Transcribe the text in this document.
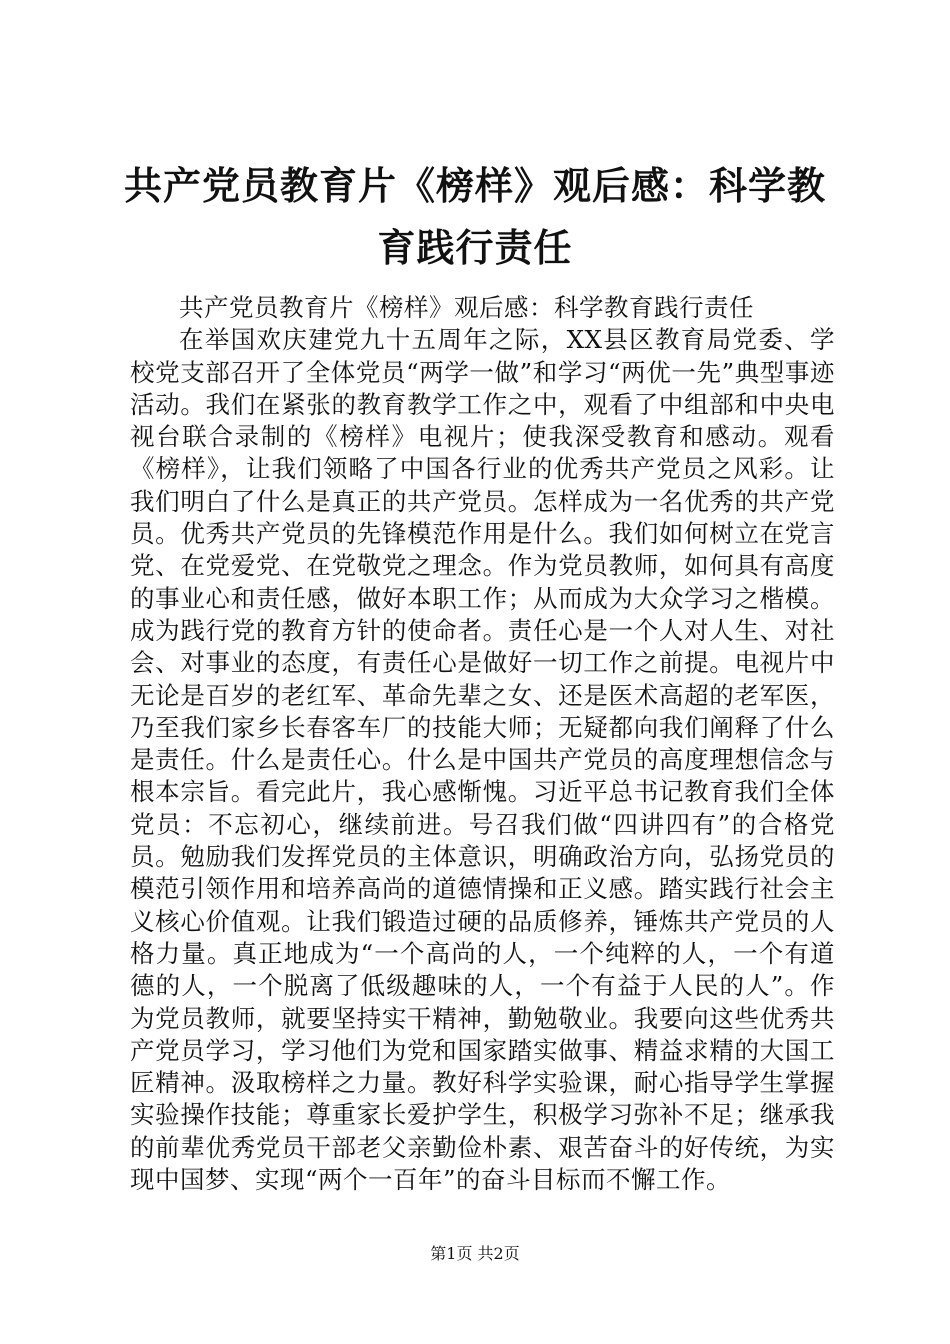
共产党员教育片《榜样》观后感：科学教育践行责任

共产党员教育片《榜样》观后感：科学教育践行责任

在举国欢庆建党九十五周年之际，XX县区教育局党委、学校党支部召开了全体党员“两学一做”和学习“两优一先”典型事迹活动。我们在紧张的教育教学工作之中，观看了中组部和中央电视台联合录制的《榜样》电视片；使我深受教育和感动。观看《榜样》，让我们领略了中国各行业的优秀共产党员之风彩。让我们明白了什么是真正的共产党员。怎样成为一名优秀的共产党员。优秀共产党员的先锋模范作用是什么。我们如何树立在党言党、在党爱党、在党敬党之理念。作为党员教师，如何具有高度的事业心和责任感，做好本职工作；从而成为大众学习之楷模。成为践行党的教育方针的使命者。责任心是一个人对人生、对社会、对事业的态度，有责任心是做好一切工作之前提。电视片中无论是百岁的老红军、革命先辈之女、还是医术高超的老军医，乃至我们家乡长春客车厂的技能大师；无疑都向我们阐释了什么是责任。什么是责任心。什么是中国共产党员的高度理想信念与根本宗旨。看完此片，我心感惭愧。习近平总书记教育我们全体党员：不忘初心，继续前进。号召我们做“四讲四有”的合格党员。勉励我们发挥党员的主体意识，明确政治方向，弘扬党员的模范引领作用和培养高尚的道德情操和正义感。踏实践行社会主义核心价值观。让我们锻造过硬的品质修养，锤炼共产党员的人格力量。真正地成为“一个高尚的人，一个纯粹的人，一个有道德的人，一个脱离了低级趣味的人，一个有益于人民的人”。作为党员教师，就要坚持实干精神，勤勉敬业。我要向这些优秀共产党员学习，学习他们为党和国家踏实做事、精益求精的大国工匠精神。汲取榜样之力量。教好科学实验课，耐心指导学生掌握实验操作技能；尊重家长爱护学生，积极学习弥补不足；继承我的前辈优秀党员干部老父亲勤俭朴素、艰苦奋斗的好传统，为实现中国梦、实现“两个一百年”的奋斗目标而不懈工作。

第1页 共2页
